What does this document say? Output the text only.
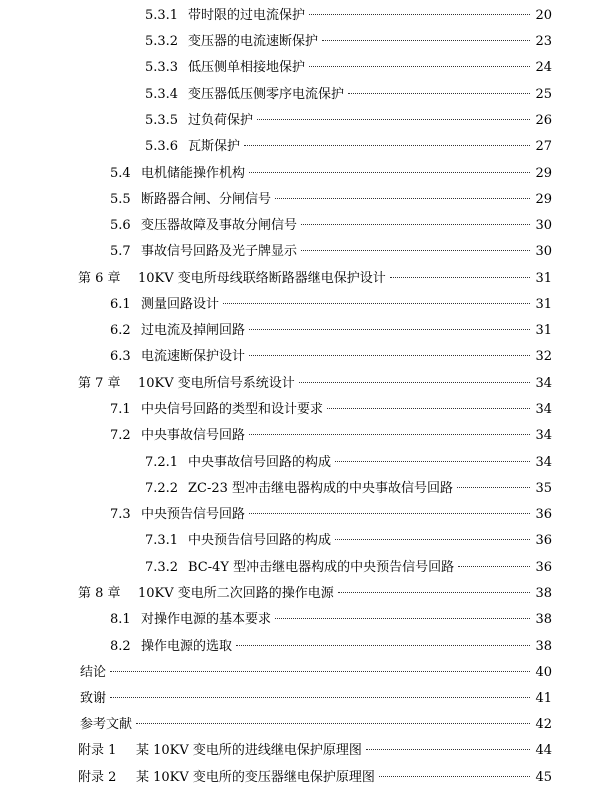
5.3.1 带时限的过电流保护	20
5.3.2 变压器的电流速断保护	23
5.3.3 低压侧单相接地保护	24
5.3.4 变压器低压侧零序电流保护	25
5.3.5 过负荷保护	26
5.3.6 瓦斯保护	27
5.4 电机储能操作机构	29
5.5 断路器合闸、分闸信号	29
5.6 变压器故障及事故分闸信号	30
5.7 事故信号回路及光子牌显示	30
第 6 章 10KV 变电所母线联络断路器继电保护设计	31
6.1 测量回路设计	31
6.2 过电流及掉闸回路	31
6.3 电流速断保护设计	32
第 7 章 10KV 变电所信号系统设计	34
7.1 中央信号回路的类型和设计要求	34
7.2 中央事故信号回路	34
7.2.1 中央事故信号回路的构成	34
7.2.2 ZC-23 型冲击继电器构成的中央事故信号回路	35
7.3 中央预告信号回路	36
7.3.1 中央预告信号回路的构成	36
7.3.2 BC-4Y 型冲击继电器构成的中央预告信号回路	36
第 8 章 10KV 变电所二次回路的操作电源	38
8.1 对操作电源的基本要求	38
8.2 操作电源的选取	38
结论	40
致谢	41
参考文献	42
附录 1 某 10KV 变电所的进线继电保护原理图	44
附录 2 某 10KV 变电所的变压器继电保护原理图	45
